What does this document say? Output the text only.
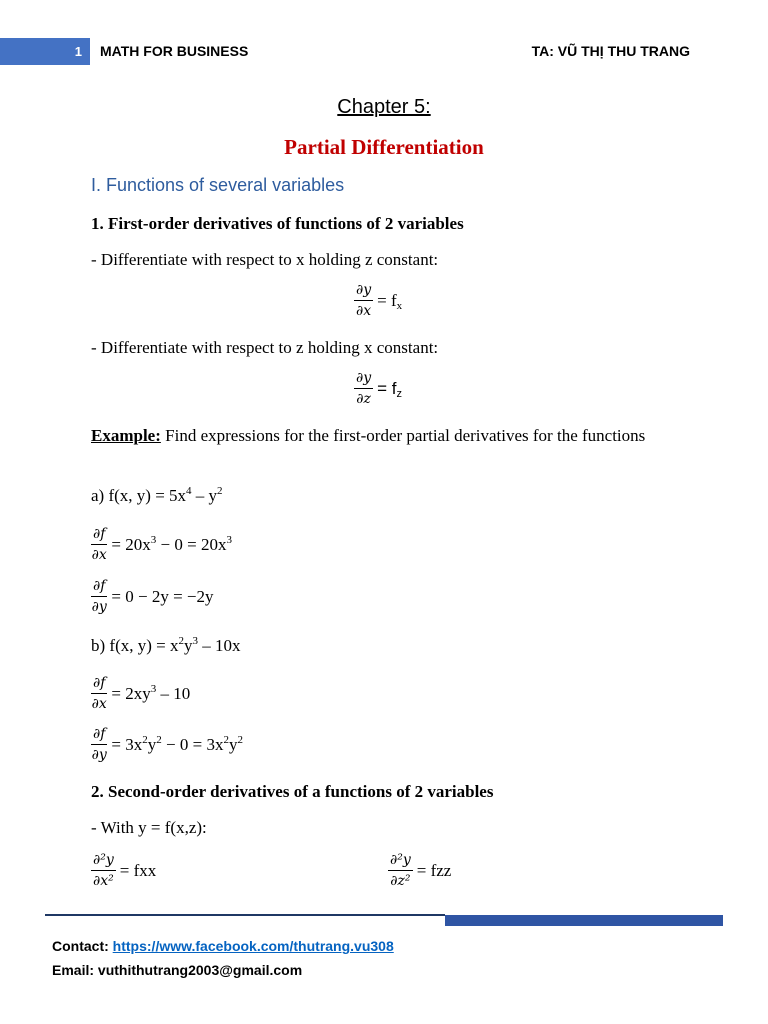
1	MATH FOR BUSINESS	TA: VŨ THỊ THU TRANG
Chapter 5:
Partial Differentiation
I. Functions of several variables
1. First-order derivatives of functions of 2 variables
- Differentiate with respect to x holding z constant:
$\frac{\partial y}{\partial x} = f_x$
- Differentiate with respect to z holding x constant:
$\frac{\partial y}{\partial z} = f_z$
Example: Find expressions for the first-order partial derivatives for the functions
a) f(x, $y) = 5x^4 - y^2$
$\frac{\partial f}{\partial x} = 20x^3 - 0 = 20x^3$
$\frac{\partial f}{\partial y} = 0 - 2y = -2y$
b) f(x, $y) = x^2y^3 - 10x$
$\frac{\partial f}{\partial x} = 2xy^3 - 10$
$\frac{\partial f}{\partial y} = 3x^2y^2 - 0 = 3x^2y^2$
2. Second-order derivatives of a functions of 2 variables
- With y = f(x,z):
$\frac{\text{∂²y}}{\text{∂x²}}$ = fxx	$\frac{\text{∂²y}}{\text{∂z²}}$ = fzz
Contact: https://www.facebook.com/thutrang.vu308
Email: vuthithutrang2003@gmail.com
